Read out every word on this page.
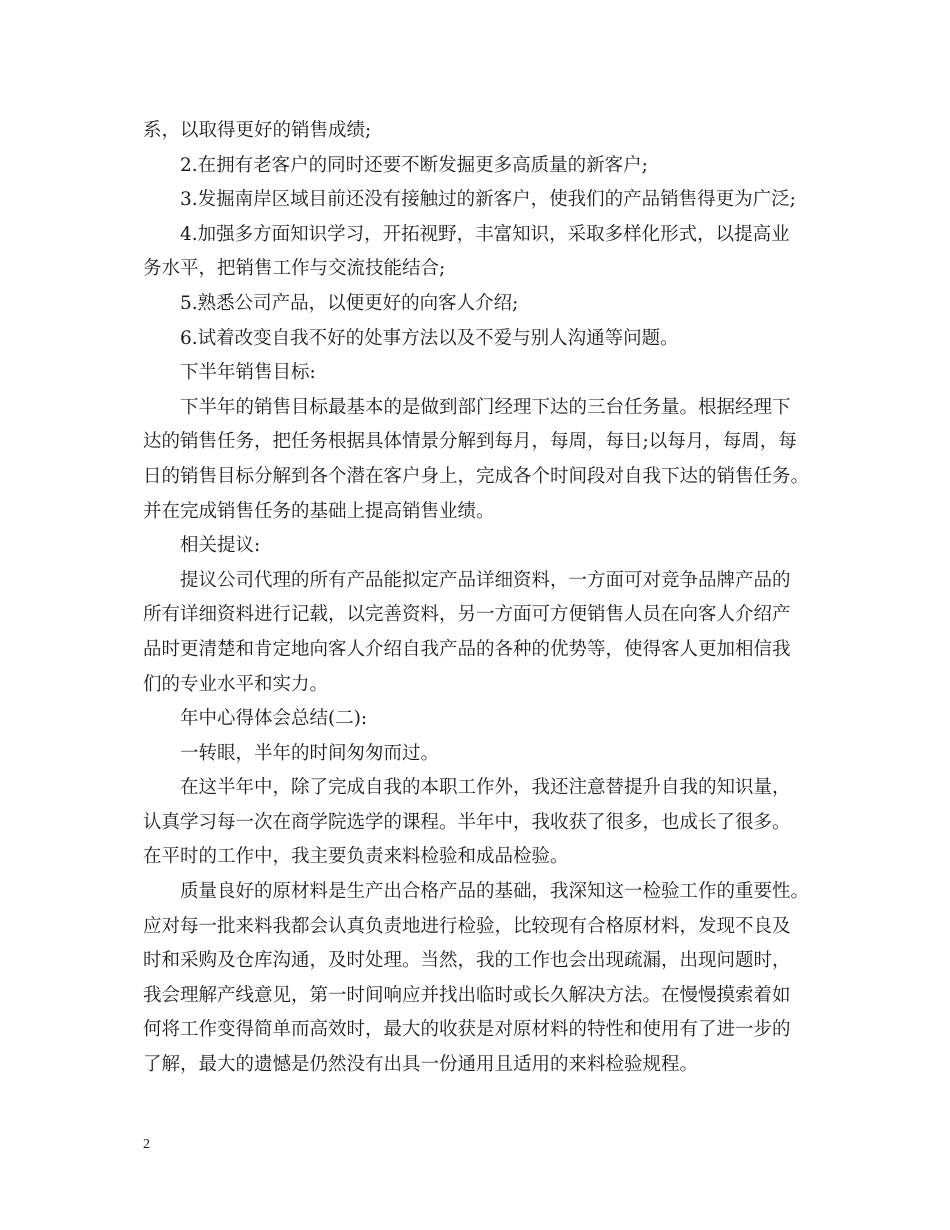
系，以取得更好的销售成绩;
2.在拥有老客户的同时还要不断发掘更多高质量的新客户;
3.发掘南岸区域目前还没有接触过的新客户，使我们的产品销售得更为广泛;
4.加强多方面知识学习，开拓视野，丰富知识，采取多样化形式，以提高业
务水平，把销售工作与交流技能结合;
5.熟悉公司产品，以便更好的向客人介绍;
6.试着改变自我不好的处事方法以及不爱与别人沟通等问题。
下半年销售目标:
下半年的销售目标最基本的是做到部门经理下达的三台任务量。根据经理下
达的销售任务，把任务根据具体情景分解到每月，每周，每日;以每月，每周，每
日的销售目标分解到各个潜在客户身上，完成各个时间段对自我下达的销售任务。
并在完成销售任务的基础上提高销售业绩。
相关提议:
提议公司代理的所有产品能拟定产品详细资料，一方面可对竞争品牌产品的
所有详细资料进行记载，以完善资料，另一方面可方便销售人员在向客人介绍产
品时更清楚和肯定地向客人介绍自我产品的各种的优势等，使得客人更加相信我
们的专业水平和实力。
年中心得体会总结(二):
一转眼，半年的时间匆匆而过。
在这半年中，除了完成自我的本职工作外，我还注意替提升自我的知识量，
认真学习每一次在商学院选学的课程。半年中，我收获了很多，也成长了很多。
在平时的工作中，我主要负责来料检验和成品检验。
质量良好的原材料是生产出合格产品的基础，我深知这一检验工作的重要性。
应对每一批来料我都会认真负责地进行检验，比较现有合格原材料，发现不良及
时和采购及仓库沟通，及时处理。当然，我的工作也会出现疏漏，出现问题时，
我会理解产线意见，第一时间响应并找出临时或长久解决方法。在慢慢摸索着如
何将工作变得简单而高效时，最大的收获是对原材料的特性和使用有了进一步的
了解，最大的遗憾是仍然没有出具一份通用且适用的来料检验规程。
2
